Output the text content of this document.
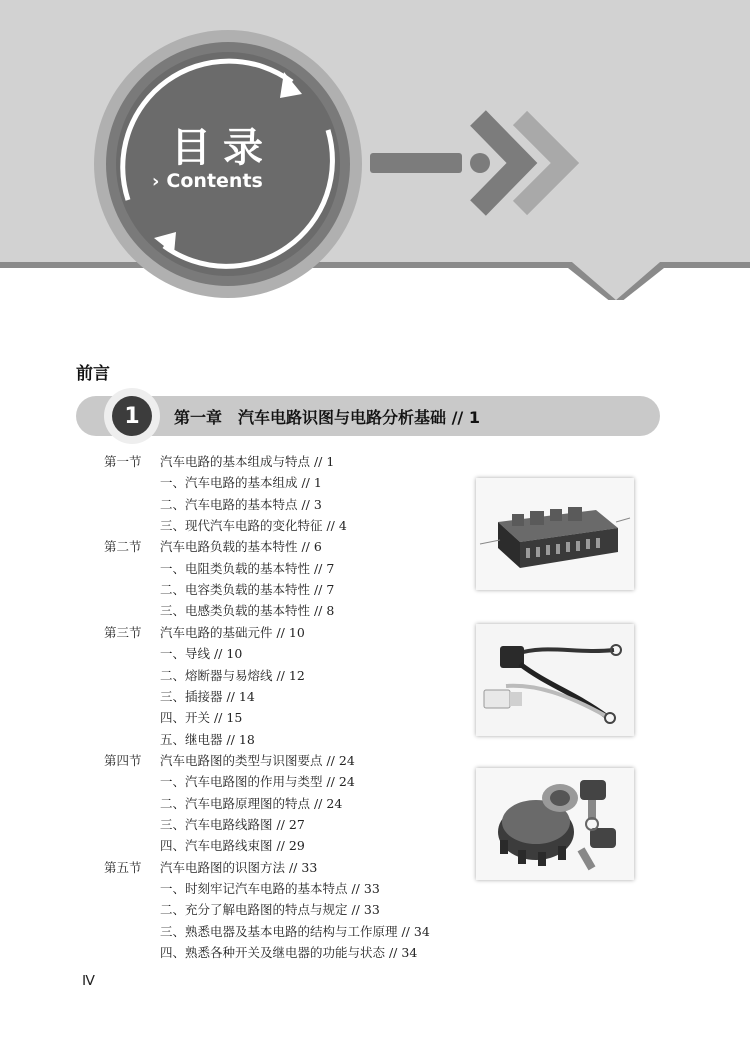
目录
› Contents
前言
1	第一章　汽车电路识图与电路分析基础 // 1
第一节 汽车电路的基本组成与特点 // 1
一、汽车电路的基本组成 // 1
二、汽车电路的基本特点 // 3
三、现代汽车电路的变化特征 // 4
第二节 汽车电路负载的基本特性 // 6
一、电阻类负载的基本特性 // 7
二、电容类负载的基本特性 // 7
三、电感类负载的基本特性 // 8
第三节 汽车电路的基础元件 // 10
一、导线 // 10
二、熔断器与易熔线 // 12
三、插接器 // 14
四、开关 // 15
五、继电器 // 18
第四节 汽车电路图的类型与识图要点 // 24
一、汽车电路图的作用与类型 // 24
二、汽车电路原理图的特点 // 24
三、汽车电路线路图 // 27
四、汽车电路线束图 // 29
第五节 汽车电路图的识图方法 // 33
一、时刻牢记汽车电路的基本特点 // 33
二、充分了解电路图的特点与规定 // 33
三、熟悉电器及基本电路的结构与工作原理 // 34
四、熟悉各种开关及继电器的功能与状态 // 34
Ⅳ
